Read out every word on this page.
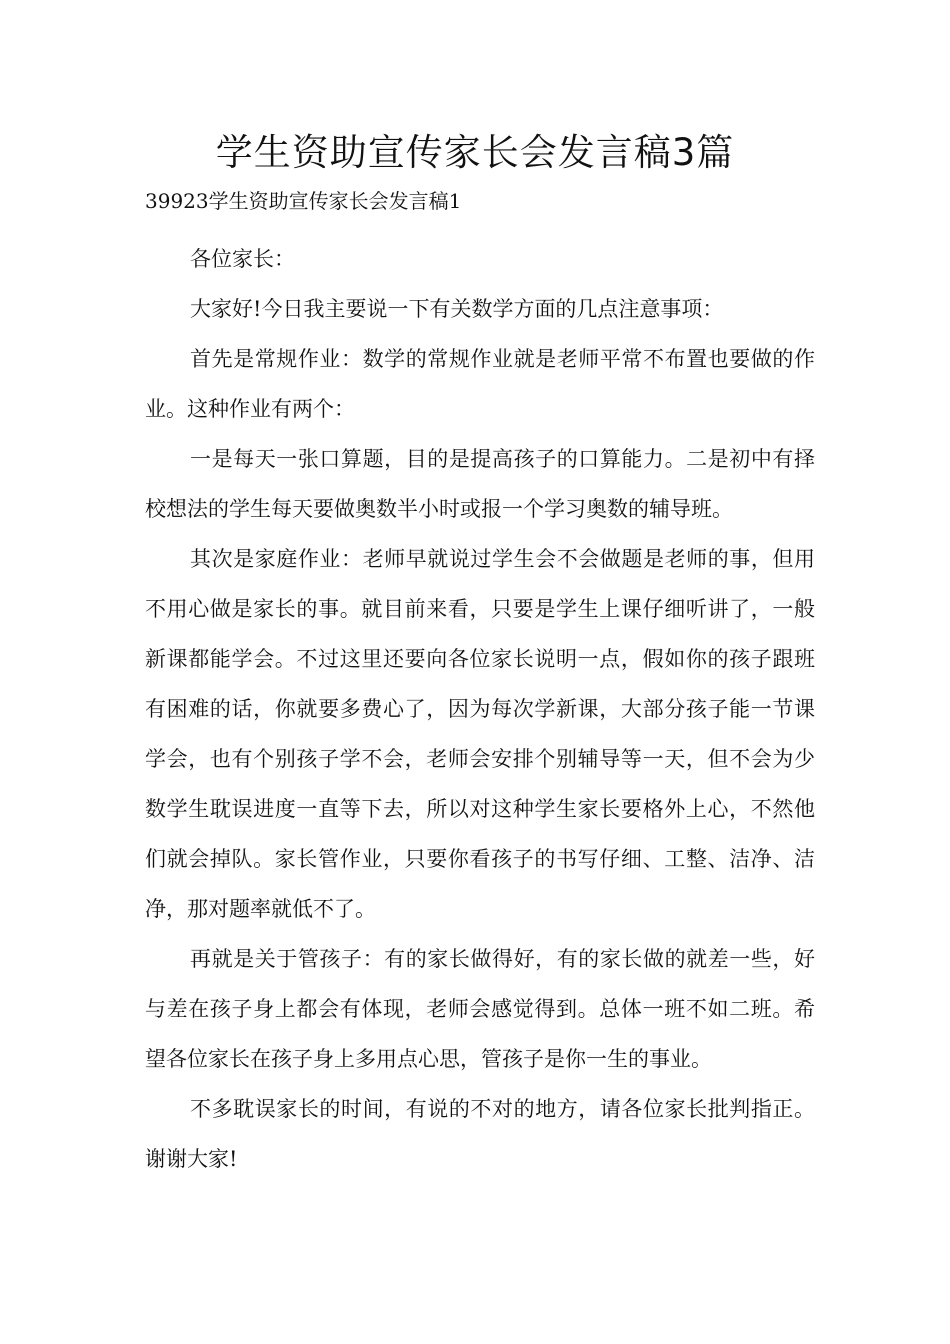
学生资助宣传家长会发言稿3篇

39923学生资助宣传家长会发言稿1

各位家长：

大家好!今日我主要说一下有关数学方面的几点注意事项：

首先是常规作业：数学的常规作业就是老师平常不布置也要做的作业。这种作业有两个：

一是每天一张口算题，目的是提高孩子的口算能力。二是初中有择校想法的学生每天要做奥数半小时或报一个学习奥数的辅导班。

其次是家庭作业：老师早就说过学生会不会做题是老师的事，但用不用心做是家长的事。就目前来看，只要是学生上课仔细听讲了，一般新课都能学会。不过这里还要向各位家长说明一点，假如你的孩子跟班有困难的话，你就要多费心了，因为每次学新课，大部分孩子能一节课学会，也有个别孩子学不会，老师会安排个别辅导等一天，但不会为少数学生耽误进度一直等下去，所以对这种学生家长要格外上心，不然他们就会掉队。家长管作业，只要你看孩子的书写仔细、工整、洁净、洁净，那对题率就低不了。

再就是关于管孩子：有的家长做得好，有的家长做的就差一些，好与差在孩子身上都会有体现，老师会感觉得到。总体一班不如二班。希望各位家长在孩子身上多用点心思，管孩子是你一生的事业。

不多耽误家长的时间，有说的不对的地方，请各位家长批判指正。谢谢大家!
